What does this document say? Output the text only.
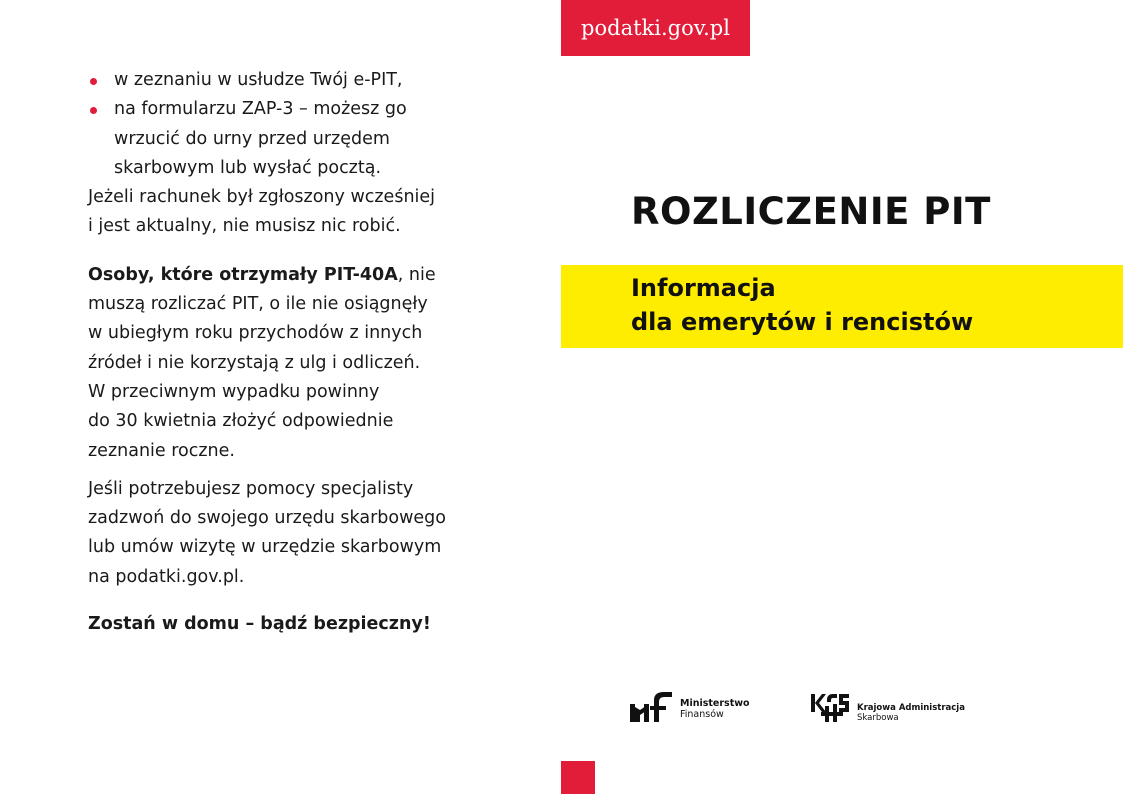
w zeznaniu w usłudze Twój e-PIT,
na formularzu ZAP-3 – możesz go
wrzucić do urny przed urzędem
skarbowym lub wysłać pocztą.

Jeżeli rachunek był zgłoszony wcześniej
i jest aktualny, nie musisz nic robić.

Osoby, które otrzymały PIT-40A, nie
muszą rozliczać PIT, o ile nie osiągnęły
w ubiegłym roku przychodów z innych
źródeł i nie korzystają z ulg i odliczeń.
W przeciwnym wypadku powinny
do 30 kwietnia złożyć odpowiednie
zeznanie roczne.

Jeśli potrzebujesz pomocy specjalisty
zadzwoń do swojego urzędu skarbowego
lub umów wizytę w urzędzie skarbowym
na podatki.gov.pl.

Zostań w domu – bądź bezpieczny!

podatki.gov.pl
ROZLICZENIE PIT
Informacja
dla emerytów i rencistów
Ministerstwo
Finansów
Krajowa Administracja
Skarbowa
